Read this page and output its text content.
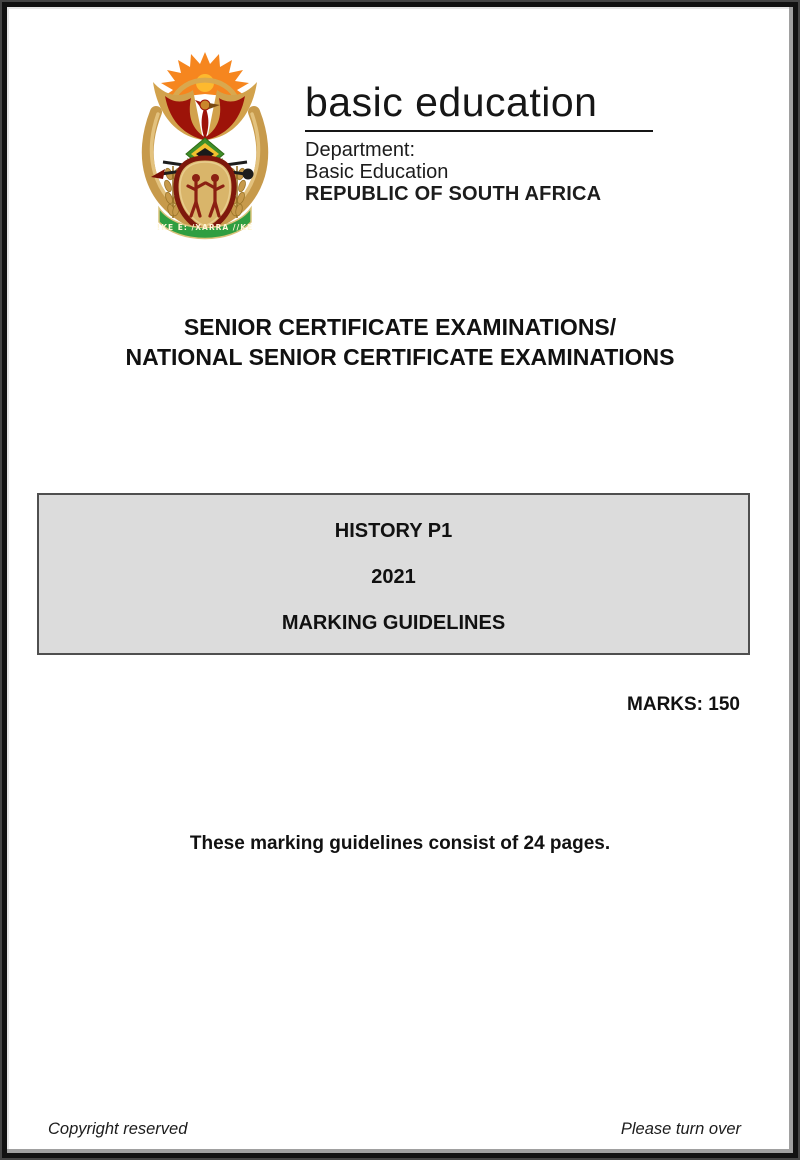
!KE E: /XARRA //KE
basic education
Department:
Basic Education
REPUBLIC OF SOUTH AFRICA
SENIOR CERTIFICATE EXAMINATIONS/
NATIONAL SENIOR CERTIFICATE EXAMINATIONS
HISTORY P1
2021
MARKING GUIDELINES
MARKS: 150
These marking guidelines consist of 24 pages.
Copyright reserved	Please turn over
